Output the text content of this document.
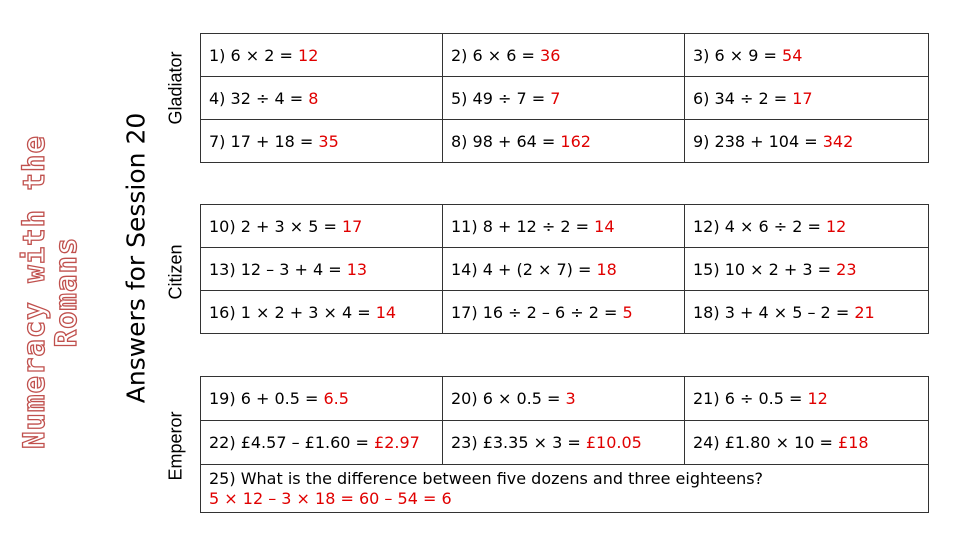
Numeracy with the
Romans Answers for Session 20
Gladiator
Citizen
Emperor
1) 6 × 2 = 12	2) 6 × 6 = 36	3) 6 × 9 = 54
4) 32 ÷ 4 = 8	5) 49 ÷ 7 = 7	6) 34 ÷ 2 = 17
7) 17 + 18 = 35	8) 98 + 64 = 162	9) 238 + 104 = 342
10) 2 + 3 × 5 = 17	11) 8 + 12 ÷ 2 = 14	12) 4 × 6 ÷ 2 = 12
13) 12 – 3 + 4 = 13	14) 4 + (2 × 7) = 18	15) 10 × 2 + 3 = 23
16) 1 × 2 + 3 × 4 = 14	17) 16 ÷ 2 – 6 ÷ 2 = 5	18) 3 + 4 × 5 – 2 = 21
19) 6 + 0.5 = 6.5	20) 6 × 0.5 = 3	21) 6 ÷ 0.5 = 12
22) £4.57 – £1.60 = £2.97	23) £3.35 × 3 = £10.05	24) £1.80 × 10 = £18

25) What is the difference between five dozens and three eighteens?
5 × 12 – 3 × 18 = 60 – 54 = 6		
